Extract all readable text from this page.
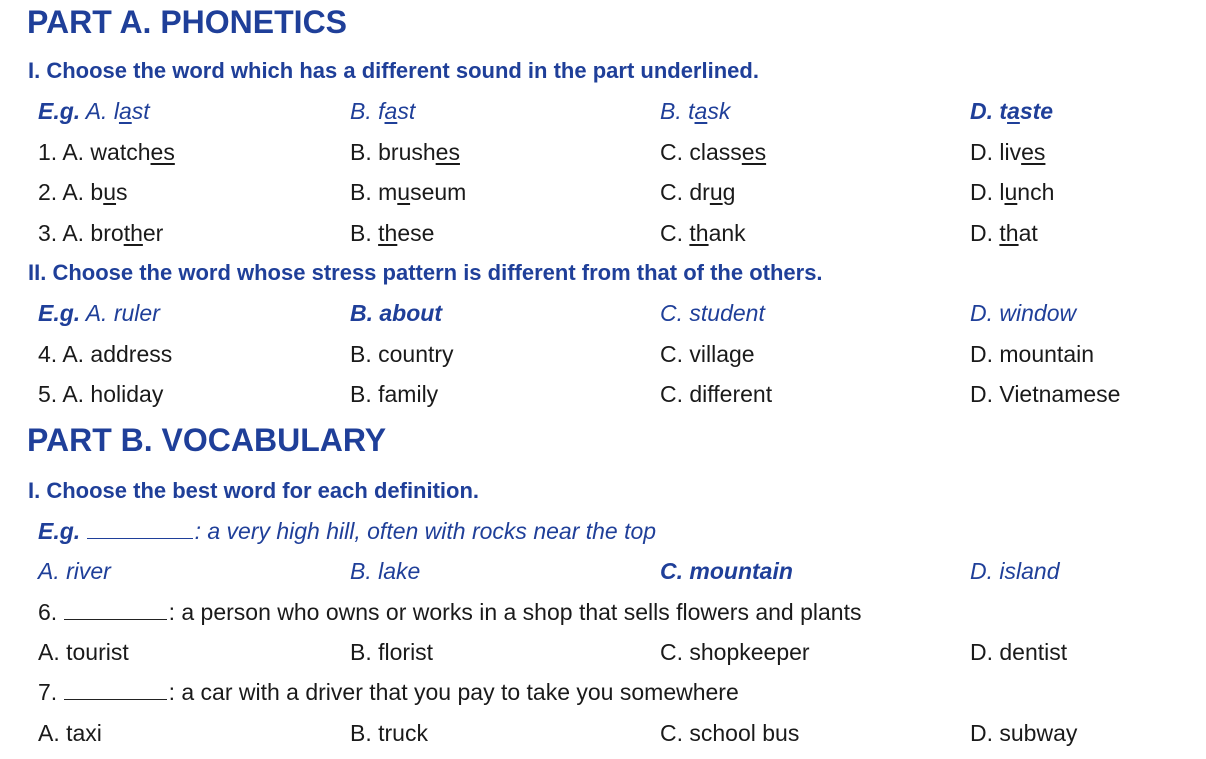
PART A. PHONETICS

I. Choose the word which has a different sound in the part underlined.

E.g. A. last	B. fast	B. task	D. taste
1. A. watches	B. brushes	C. classes	D. lives
2. A. bus	B. museum	C. drug	D. lunch
3. A. brother	B. these	C. thank	D. that

II. Choose the word whose stress pattern is different from that of the others.

E.g. A. ruler	B. about	C. student	D. window
4. A. address	B. country	C. village	D. mountain
5. A. holiday	B. family	C. different	D. Vietnamese
PART B. VOCABULARY

I. Choose the best word for each definition.

E.g.	: a very high hill, often with rocks near the top
A. river	B. lake	C. mountain	D. island
6.	: a person who owns or works in a shop that sells flowers and plants
A. tourist	B. florist	C. shopkeeper	D. dentist
7.	: a car with a driver that you pay to take you somewhere
A. taxi	B. truck	C. school bus	D. subway
